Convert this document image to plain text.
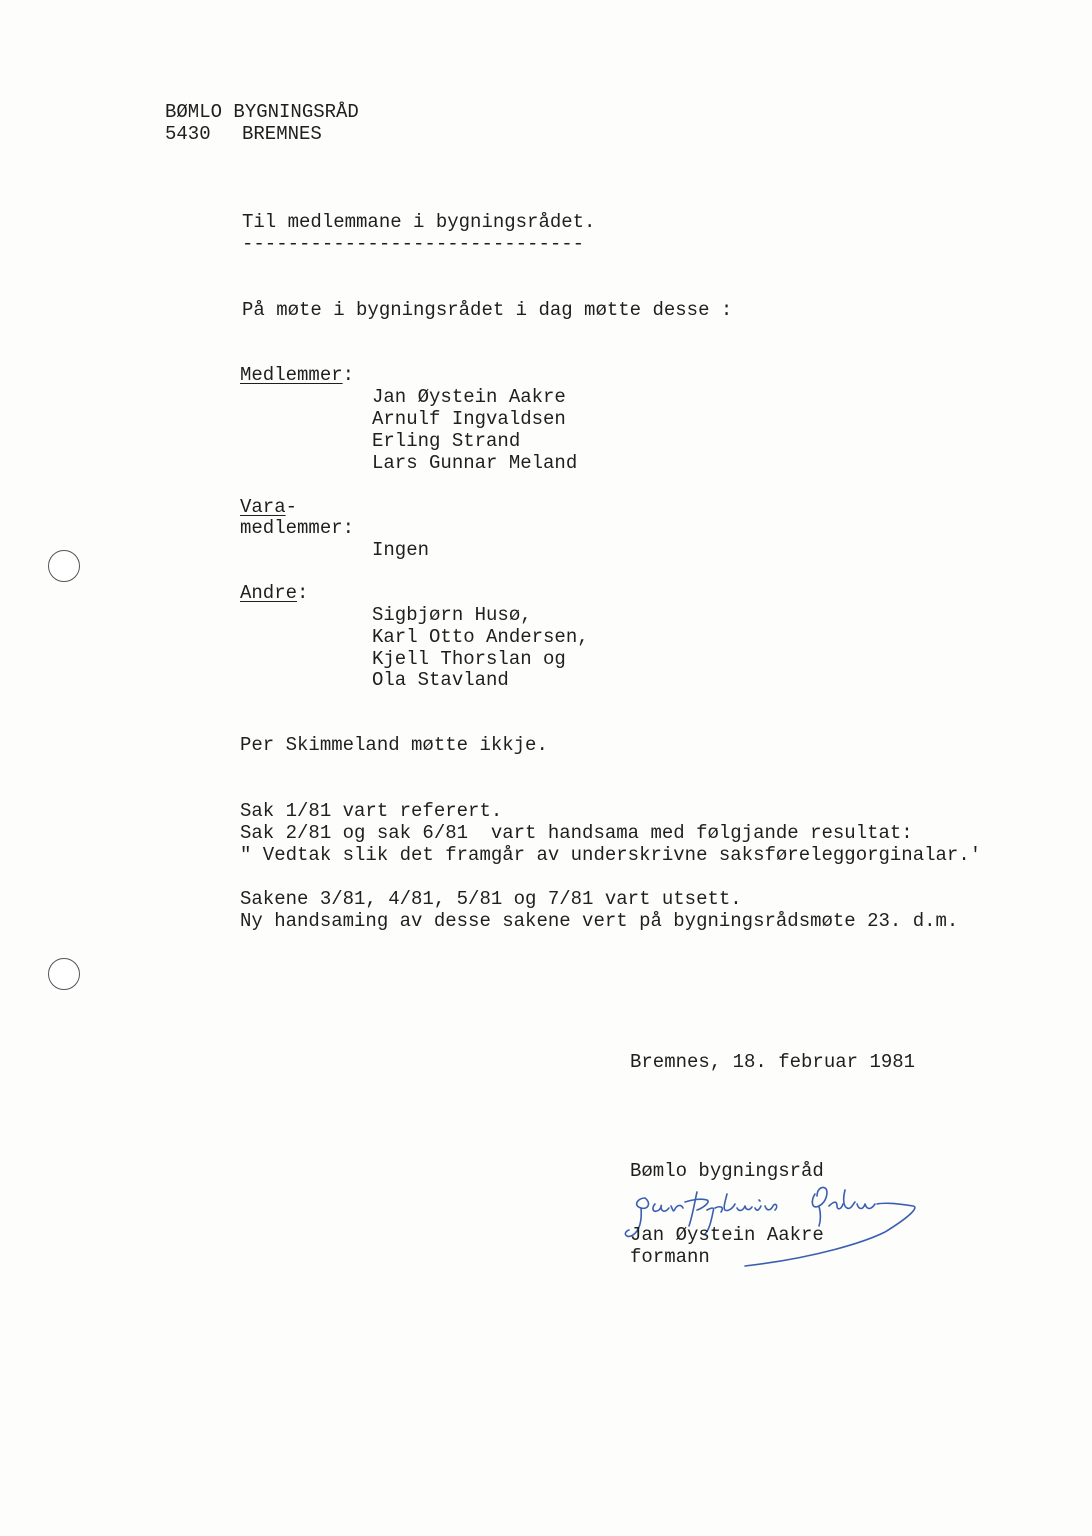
BØMLO BYGNINGSRÅD
5430 BREMNES
Til medlemmane i bygningsrådet.
------------------------------
På møte i bygningsrådet i dag møtte desse :
Medlemmer:
Jan Øystein Aakre
Arnulf Ingvaldsen
Erling Strand
Lars Gunnar Meland
Vara-
medlemmer:
Ingen
Andre:
Sigbjørn Husø,
Karl Otto Andersen,
Kjell Thorslan og
Ola Stavland
Per Skimmeland møtte ikkje.
Sak 1/81 vart referert.
Sak 2/81 og sak 6/81  vart handsama med følgjande resultat:
" Vedtak slik det framgår av underskrivne saksføreleggorginalar.'
Sakene 3/81, 4/81, 5/81 og 7/81 vart utsett.
Ny handsaming av desse sakene vert på bygningsrådsmøte 23. d.m.
Bremnes, 18. februar 1981
Bømlo bygningsråd
Jan Øystein Aakre
formann
